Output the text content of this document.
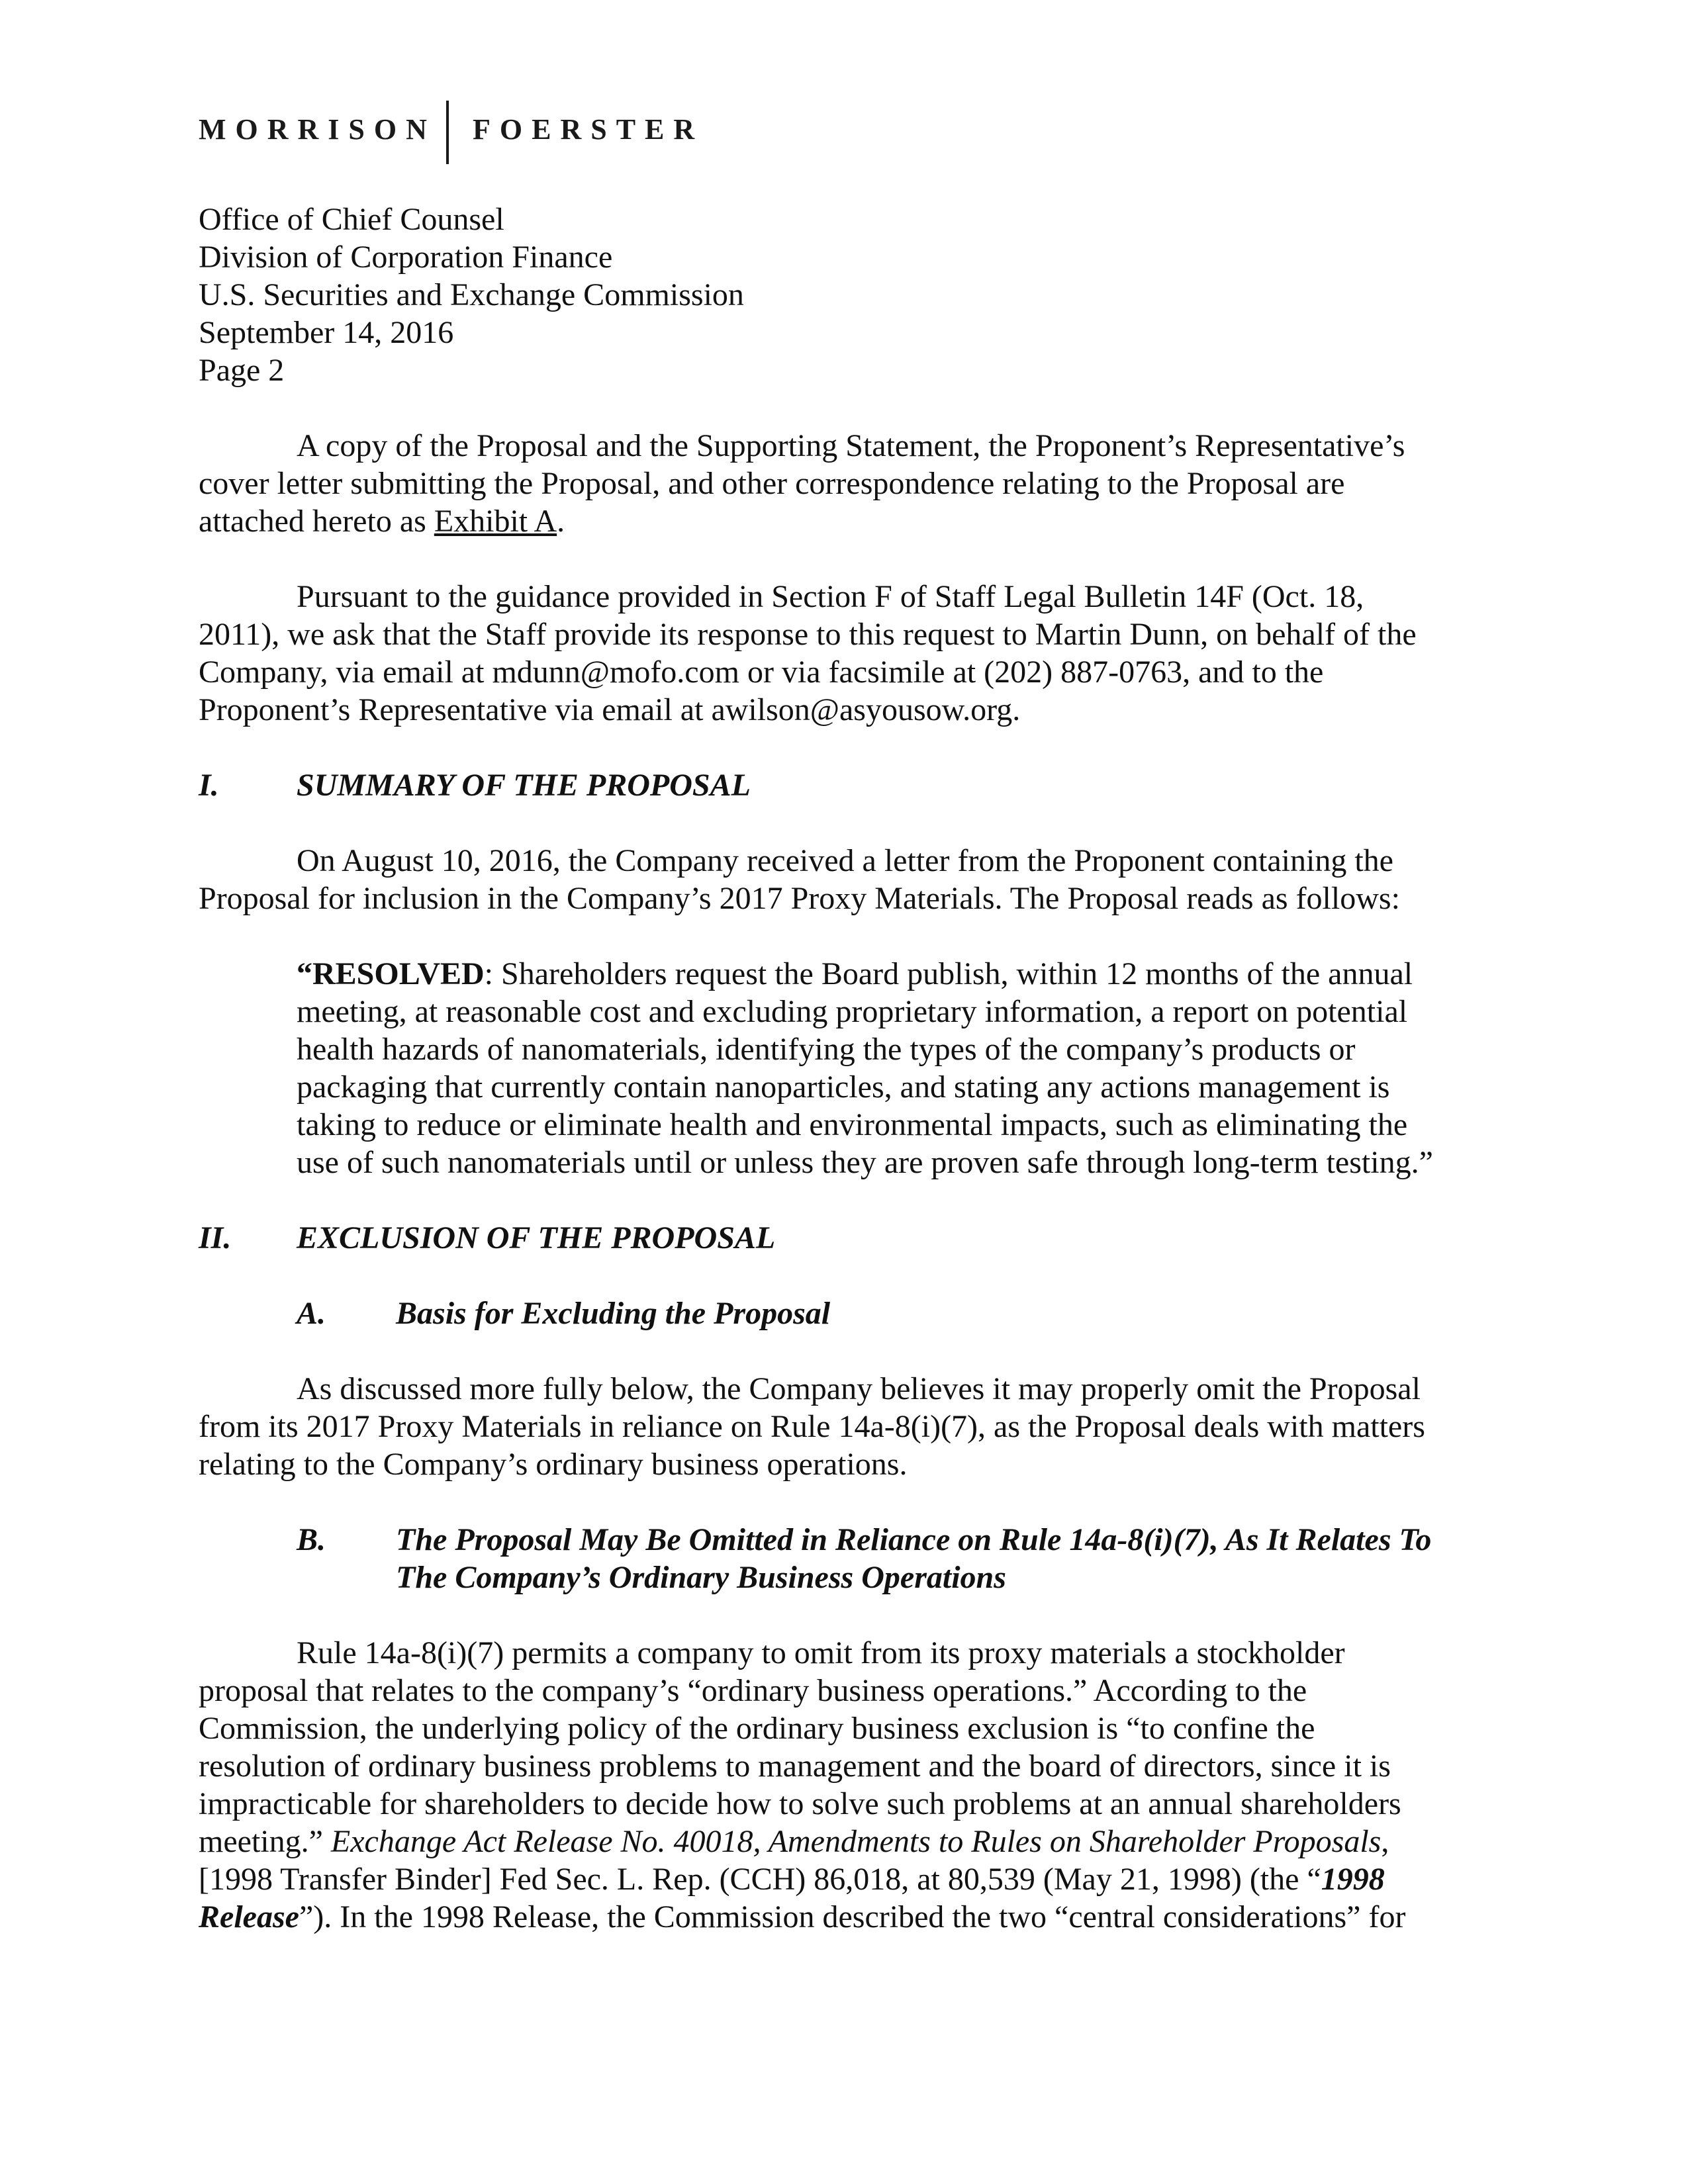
MORRISON FOERSTER
Office of Chief Counsel
Division of Corporation Finance
U.S. Securities and Exchange Commission
September 14, 2016
Page 2
A copy of the Proposal and the Supporting Statement, the Proponent’s Representative’s
cover letter submitting the Proposal, and other correspondence relating to the Proposal are
attached hereto as Exhibit A.
Pursuant to the guidance provided in Section F of Staff Legal Bulletin 14F (Oct. 18,
2011), we ask that the Staff provide its response to this request to Martin Dunn, on behalf of the
Company, via email at mdunn@mofo.com or via facsimile at (202) 887-0763, and to the
Proponent’s Representative via email at awilson@asyousow.org.
I. SUMMARY OF THE PROPOSAL
On August 10, 2016, the Company received a letter from the Proponent containing the
Proposal for inclusion in the Company’s 2017 Proxy Materials. The Proposal reads as follows:
“RESOLVED: Shareholders request the Board publish, within 12 months of the annual
meeting, at reasonable cost and excluding proprietary information, a report on potential
health hazards of nanomaterials, identifying the types of the company’s products or
packaging that currently contain nanoparticles, and stating any actions management is
taking to reduce or eliminate health and environmental impacts, such as eliminating the
use of such nanomaterials until or unless they are proven safe through long-term testing.”
II. EXCLUSION OF THE PROPOSAL
A. Basis for Excluding the Proposal
As discussed more fully below, the Company believes it may properly omit the Proposal
from its 2017 Proxy Materials in reliance on Rule 14a-8(i)(7), as the Proposal deals with matters
relating to the Company’s ordinary business operations.
B. The Proposal May Be Omitted in Reliance on Rule 14a-8(i)(7), As It Relates To
The Company’s Ordinary Business Operations
Rule 14a-8(i)(7) permits a company to omit from its proxy materials a stockholder
proposal that relates to the company’s “ordinary business operations.” According to the
Commission, the underlying policy of the ordinary business exclusion is “to confine the
resolution of ordinary business problems to management and the board of directors, since it is
impracticable for shareholders to decide how to solve such problems at an annual shareholders
meeting.” Exchange Act Release No. 40018, Amendments to Rules on Shareholder Proposals,
[1998 Transfer Binder] Fed Sec. L. Rep. (CCH) 86,018, at 80,539 (May 21, 1998) (the “1998
Release”). In the 1998 Release, the Commission described the two “central considerations” for
